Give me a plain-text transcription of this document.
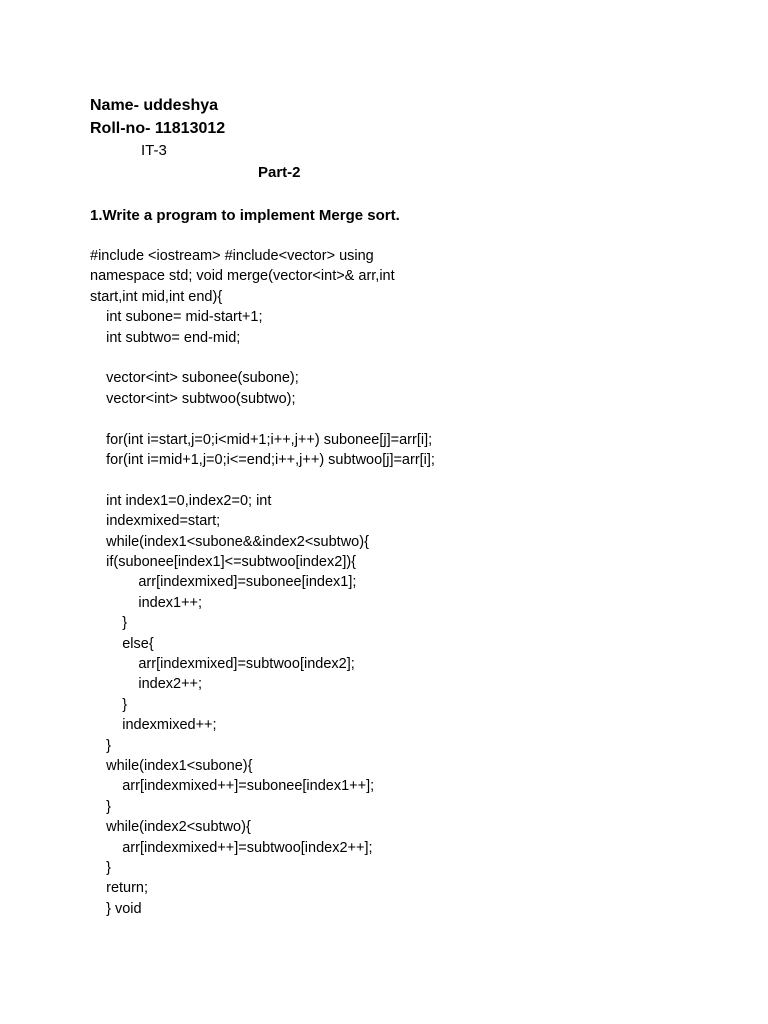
Name- uddeshya
Roll-no- 11813012
IT-3
Part-2
1.Write a program to implement Merge sort.
#include <iostream> #include<vector> using
namespace std; void merge(vector<int>& arr,int
start,int mid,int end){
int subone= mid-start+1;
int subtwo= end-mid;
vector<int> subonee(subone);
vector<int> subtwoo(subtwo);
for(int i=start,j=0;i<mid+1;i++,j++) subonee[j]=arr[i];
for(int i=mid+1,j=0;i<=end;i++,j++) subtwoo[j]=arr[i];
int index1=0,index2=0; int
indexmixed=start;
while(index1<subone&&index2<subtwo){
if(subonee[index1]<=subtwoo[index2]){
arr[indexmixed]=subonee[index1];
index1++;
}
else{
arr[indexmixed]=subtwoo[index2];
index2++;
}
indexmixed++;
}
while(index1<subone){
arr[indexmixed++]=subonee[index1++];
}
while(index2<subtwo){
arr[indexmixed++]=subtwoo[index2++];
}
return;
} void
